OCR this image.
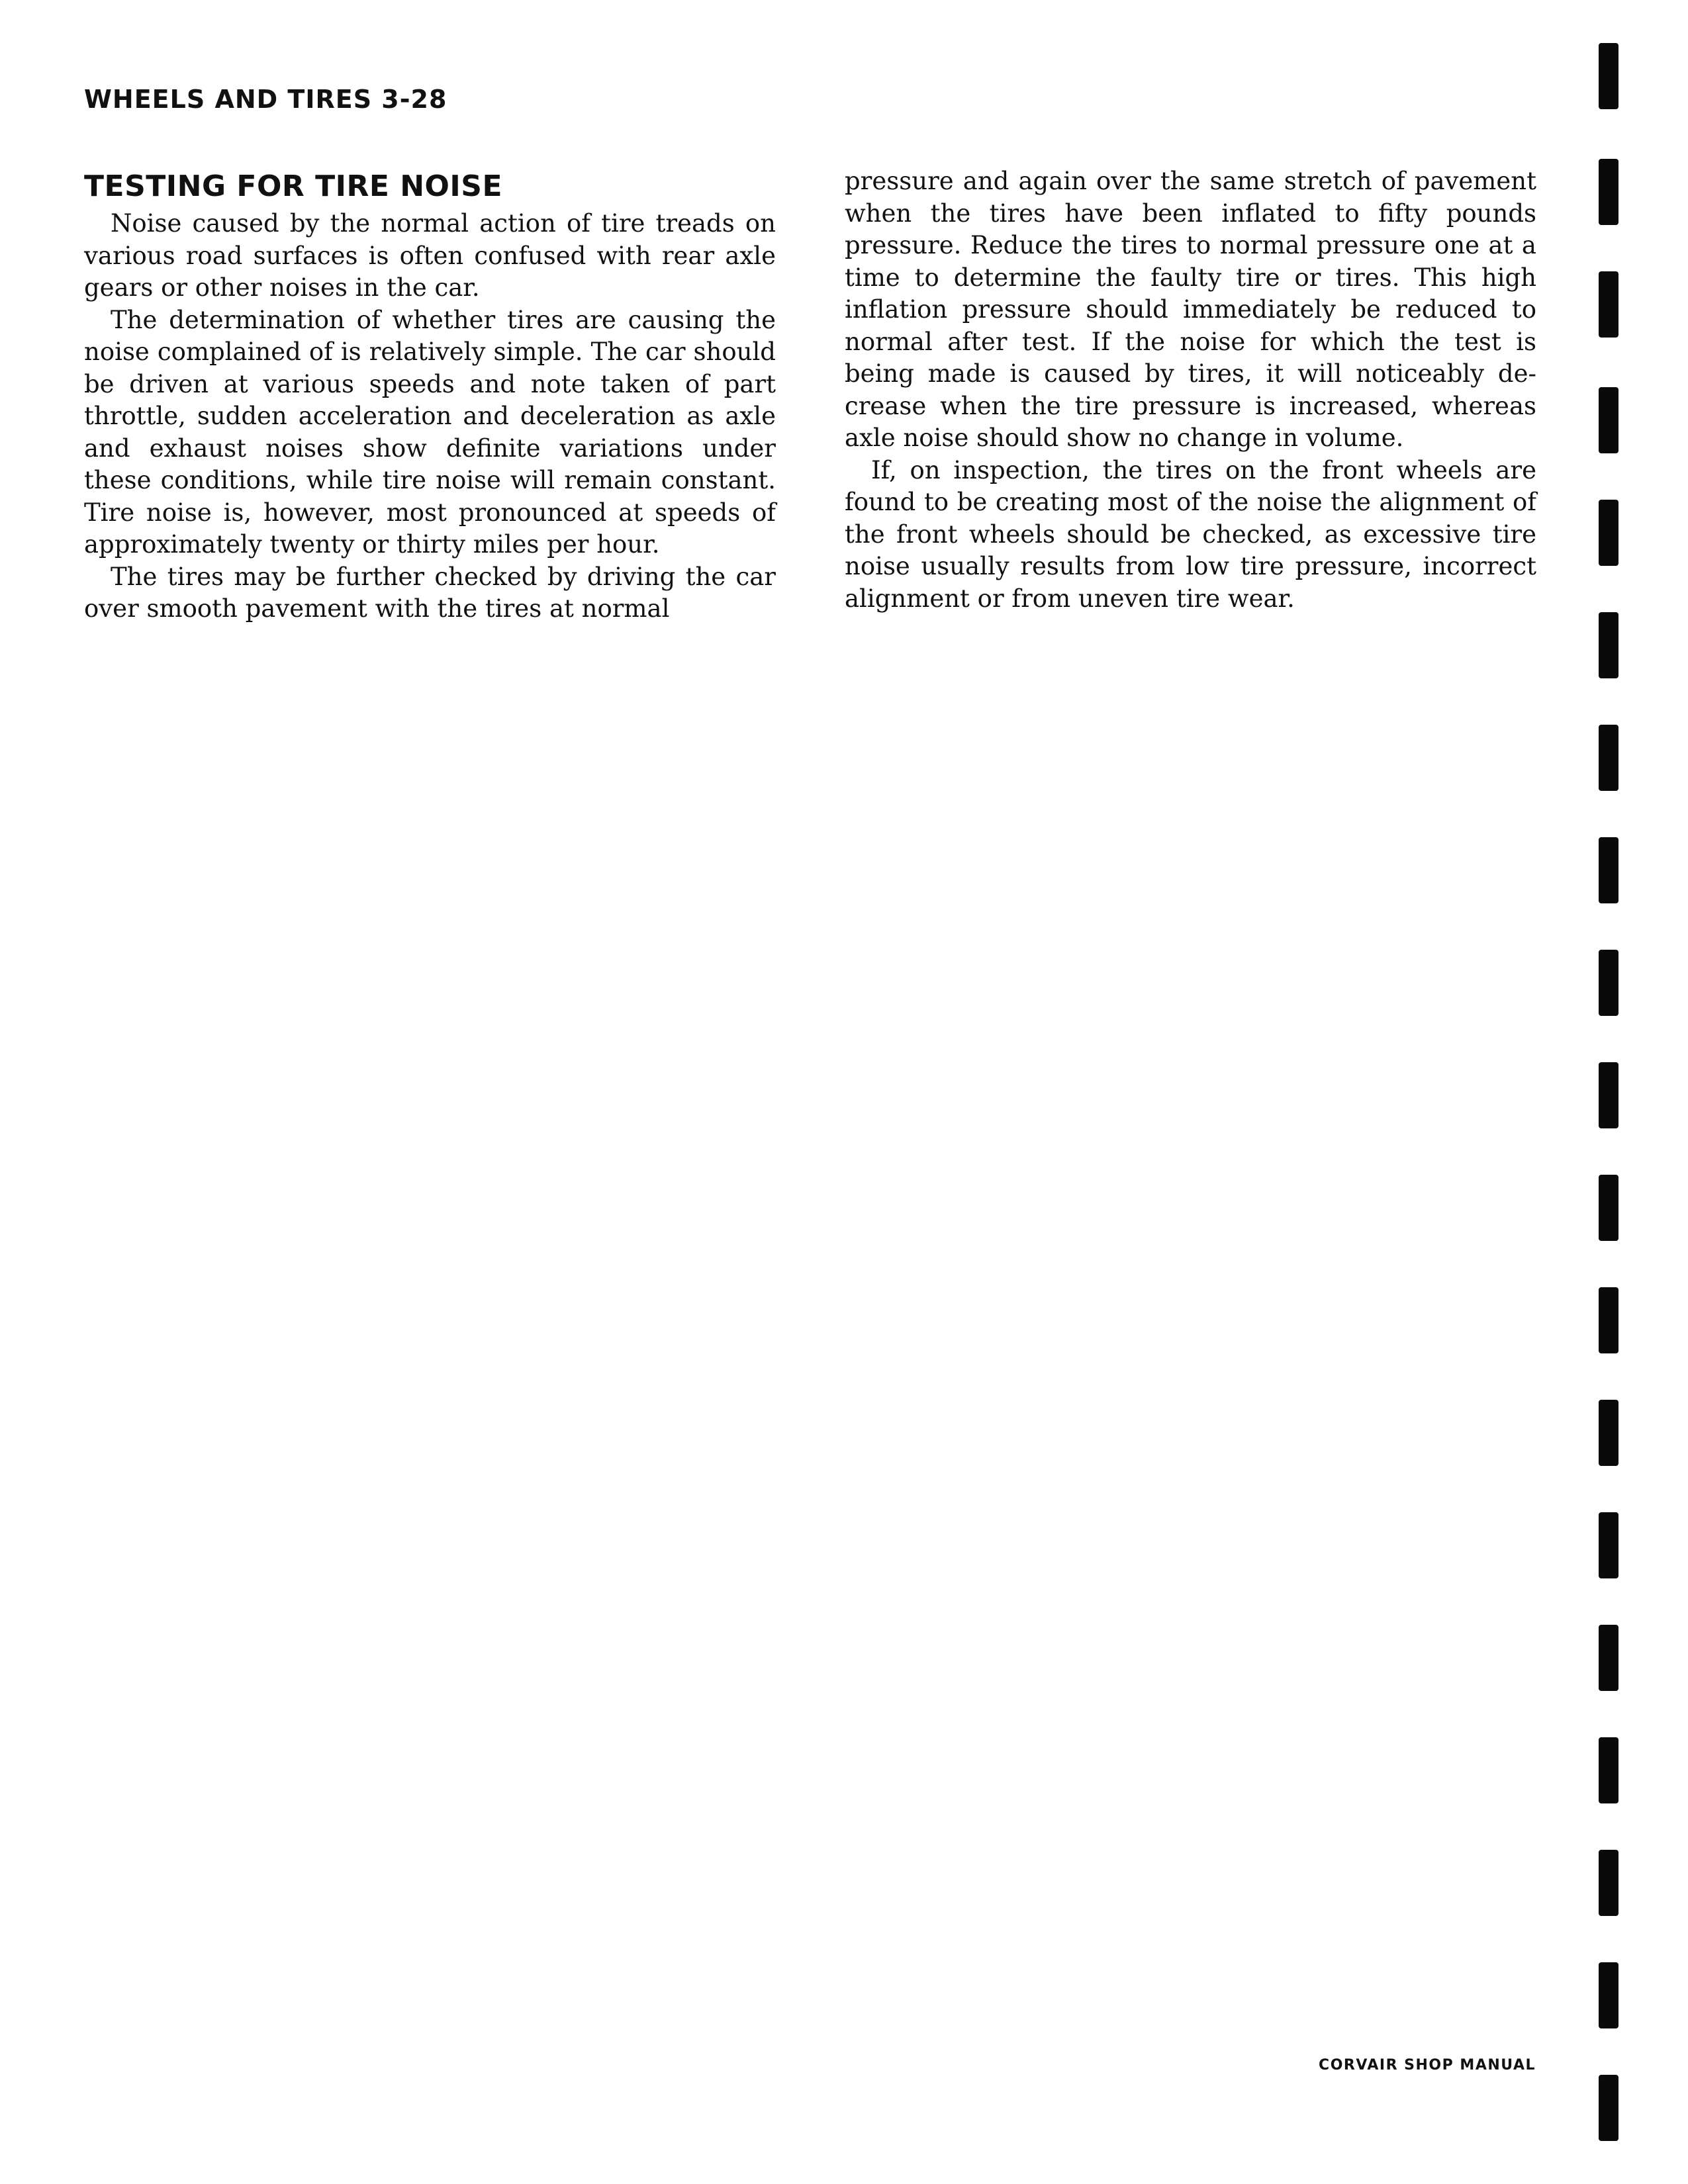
WHEELS AND TIRES 3-28
TESTING FOR TIRE NOISE

Noise caused by the normal action of tire treads on various road surfaces is often confused with rear axle gears or other noises in the car.

The determination of whether tires are causing the noise complained of is relatively simple. The car should be driven at various speeds and note taken of part throttle, sudden acceleration and deceleration as axle and exhaust noises show definite variations under these conditions, while tire noise will remain constant. Tire noise is, however, most pronounced at speeds of approximately twenty or thirty miles per hour.

The tires may be further checked by driving the car over smooth pavement with the tires at normal

pressure and again over the same stretch of pavement when the tires have been inflated to fifty pounds pressure. Reduce the tires to normal pressure one at a time to determine the faulty tire or tires. This high inflation pressure should immediately be reduced to normal after test. If the noise for which the test is being made is caused by tires, it will noticeably decrease when the tire pressure is increased, whereas axle noise should show no change in volume.

If, on inspection, the tires on the front wheels are found to be creating most of the noise the alignment of the front wheels should be checked, as excessive tire noise usually results from low tire pressure, incorrect alignment or from uneven tire wear.

CORVAIR SHOP MANUAL
